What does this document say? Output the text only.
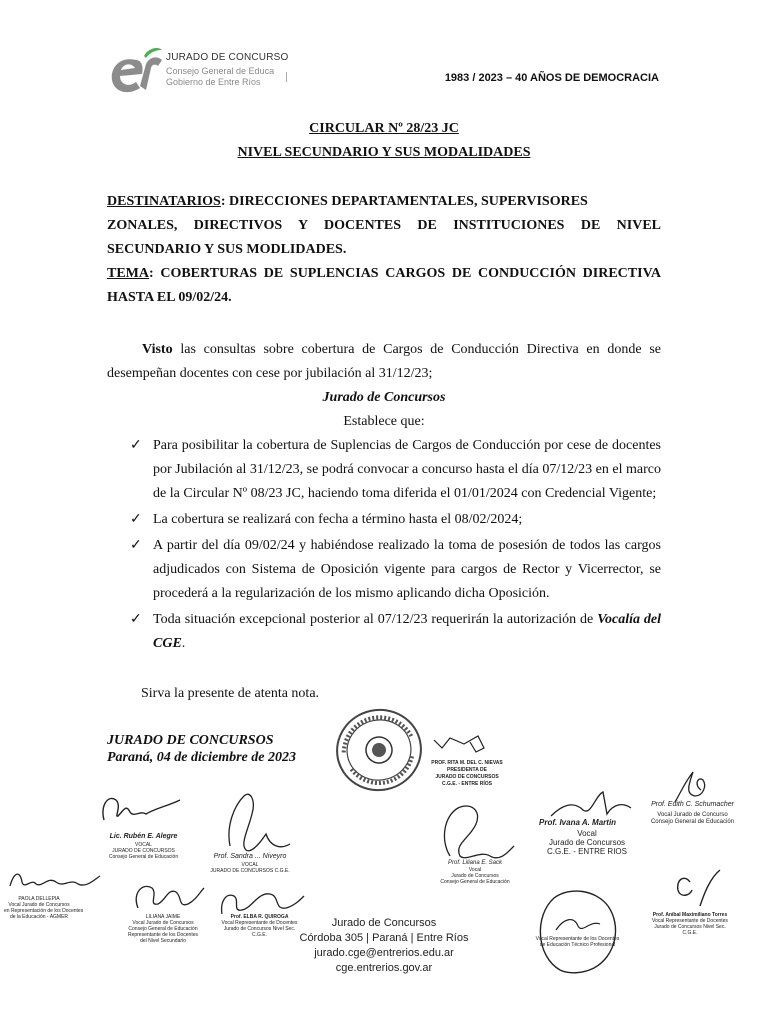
JURADO DE CONCURSO
Consejo General de Educa
Gobierno de Entre Ríos	1983 / 2023 – 40 AÑOS DE DEMOCRACIA
CIRCULAR Nº 28/23 JC
NIVEL SECUNDARIO Y SUS MODALIDADES
DESTINATARIOS: DIRECCIONES DEPARTAMENTALES, SUPERVISORES
ZONALES, DIRECTIVOS Y DOCENTES DE INSTITUCIONES DE NIVEL
SECUNDARIO Y SUS MODLIDADES.
TEMA: COBERTURAS DE SUPLENCIAS CARGOS DE CONDUCCIÓN DIRECTIVA
HASTA EL 09/02/24.
Visto las consultas sobre cobertura de Cargos de Conducción Directiva en donde se
desempeñan docentes con cese por jubilación al 31/12/23;
Jurado de Concursos
Establece que:
✓ Para posibilitar la cobertura de Suplencias de Cargos de Conducción por cese de docentes
por Jubilación al 31/12/23, se podrá convocar a concurso hasta el día 07/12/23 en el marco
de la Circular Nº 08/23 JC, haciendo toma diferida el 01/01/2024 con Credencial Vigente;
✓ La cobertura se realizará con fecha a término hasta el 08/02/2024;
✓ A partir del día 09/02/24 y habiéndose realizado la toma de posesión de todos las cargos
adjudicados con Sistema de Oposición vigente para cargos de Rector y Vicerrector, se
procederá a la regularización de los mismo aplicando dicha Oposición.
✓ Toda situación excepcional posterior al 07/12/23 requerirán la autorización de Vocalía del
CGE.
Sirva la presente de atenta nota.
JURADO DE CONCURSOS
Paraná, 04 de diciembre de 2023	PROF. RITA M. DEL C. NIEVAS
PRESIDENTA DE
JURADO DE CONCURSOS
C.G.E. - ENTRE RÍOS
Lic. Rubén E. Alegre
VOCAL
JURADO DE CONCURSOS
Consejo General de Educación	Prof. Sandra ... Niveyro
VOCAL
JURADO DE CONCURSOS C.G.E.
Prof. Liliana E. Sack
Vocal
Jurado de Concursos
Consejo General de Educación
Prof. Ivana A. Martin
Vocal
Jurado de Concursos
C.G.E. - ENTRE RIOS
Prof. Edith C. Schumacher
Vocal Jurado de Concurso
Consejo General de Educación
PAOLA DELLEPIA
Vocal Jurado de Concursos
en Representación de los Docentes
de la Educación - AGMER	LILIANA JAIME
Vocal Jurado de Concursos
Consejo General de Educación
Representante de los Docentes
del Nivel Secundario
Prof. ELBA R. QUIROGA
Vocal Representante de Docentes
Jurado de Concursos Nivel Sec.
C.G.E.
Vocal Representante de los Docentes
de Educación Técnico Profesional
Prof. Aníbal Maximiliano Torres
Vocal Representante de Docentes
Jurado de Concursos Nivel Sec.
C.G.E.
Jurado de Concursos
Córdoba 305 | Paraná | Entre Ríos
jurado.cge@entrerios.edu.ar
cge.entrerios.gov.ar
